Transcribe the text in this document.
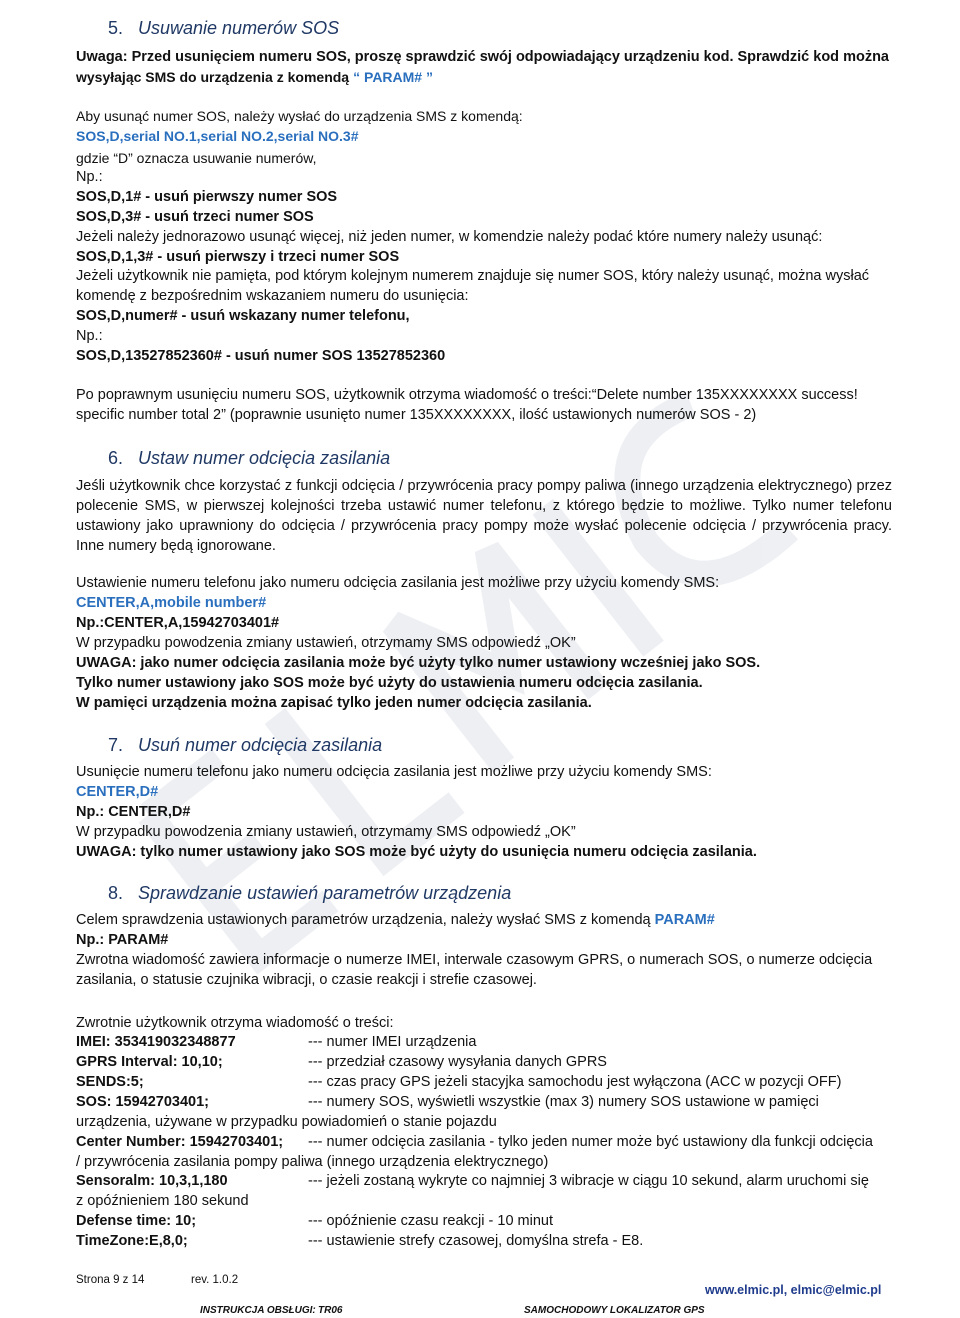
5. Usuwanie numerów SOS
Uwaga: Przed usunięciem numeru SOS, proszę sprawdzić swój odpowiadający urządzeniu kod. Sprawdzić kod można
wysyłając SMS do urządzenia z komendą “ PARAM# ”
Aby usunąć numer SOS, należy wysłać do urządzenia SMS z komendą:
SOS,D,serial NO.1,serial NO.2,serial NO.3#
gdzie “D” oznacza usuwanie numerów,
Np.:
SOS,D,1# - usuń pierwszy numer SOS
SOS,D,3# - usuń trzeci numer SOS
Jeżeli należy jednorazowo usunąć więcej, niż jeden numer, w komendzie należy podać które numery należy usunąć:
SOS,D,1,3# - usuń pierwszy i trzeci numer SOS
Jeżeli użytkownik nie pamięta, pod którym kolejnym numerem znajduje się numer SOS, który należy usunąć, można wysłać
komendę z bezpośrednim wskazaniem numeru do usunięcia:
SOS,D,numer# - usuń wskazany numer telefonu,
Np.:
SOS,D,13527852360# - usuń numer SOS 13527852360
Po poprawnym usunięciu numeru SOS, użytkownik otrzyma wiadomość o treści:“Delete number 135XXXXXXXX success!
specific number total 2” (poprawnie usunięto numer 135XXXXXXXX, ilość ustawionych numerów SOS - 2)
6. Ustaw numer odcięcia zasilania
Jeśli użytkownik chce korzystać z funkcji odcięcia / przywrócenia pracy pompy paliwa (innego urządzenia elektrycznego) przez polecenie SMS, w pierwszej kolejności trzeba ustawić numer telefonu, z którego będzie to możliwe. Tylko numer telefonu ustawiony jako uprawniony do odcięcia / przywrócenia pracy pompy może wysłać polecenie odcięcia / przywrócenia pracy. Inne numery będą ignorowane.
Ustawienie numeru telefonu jako numeru odcięcia zasilania jest możliwe przy użyciu komendy SMS:
CENTER,A,mobile number#
Np.:CENTER,A,15942703401#
W przypadku powodzenia zmiany ustawień, otrzymamy SMS odpowiedź „OK”
UWAGA: jako numer odcięcia zasilania może być użyty tylko numer ustawiony wcześniej jako SOS.
Tylko numer ustawiony jako SOS może być użyty do ustawienia numeru odcięcia zasilania.
W pamięci urządzenia można zapisać tylko jeden numer odcięcia zasilania.
7. Usuń numer odcięcia zasilania
Usunięcie numeru telefonu jako numeru odcięcia zasilania jest możliwe przy użyciu komendy SMS:
CENTER,D#
Np.: CENTER,D#
W przypadku powodzenia zmiany ustawień, otrzymamy SMS odpowiedź „OK”
UWAGA: tylko numer ustawiony jako SOS może być użyty do usunięcia numeru odcięcia zasilania.
8. Sprawdzanie ustawień parametrów urządzenia
Celem sprawdzenia ustawionych parametrów urządzenia, należy wysłać SMS z komendą PARAM#
Np.: PARAM#
Zwrotna wiadomość zawiera informacje o numerze IMEI, interwale czasowym GPRS, o numerach SOS, o numerze odcięcia
zasilania, o statusie czujnika wibracji, o czasie reakcji i strefie czasowej.
Zwrotnie użytkownik otrzyma wiadomość o treści:
IMEI: 353419032348877	--- numer IMEI urządzenia
GPRS Interval: 10,10;	--- przedział czasowy wysyłania danych GPRS
SENDS:5;	--- czas pracy GPS jeżeli stacyjka samochodu jest wyłączona (ACC w pozycji OFF)
SOS: 15942703401;	--- numery SOS, wyświetli wszystkie (max 3) numery SOS ustawione w pamięci
urządzenia, używane w przypadku powiadomień o stanie pojazdu
Center Number: 15942703401; --- numer odcięcia zasilania - tylko jeden numer może być ustawiony dla funkcji odcięcia
/ przywrócenia zasilania pompy paliwa (innego urządzenia elektrycznego)
Sensoralm: 10,3,1,180	--- jeżeli zostaną wykryte co najmniej 3 wibracje w ciągu 10 sekund, alarm uruchomi się
z opóźnieniem 180 sekund
Defense time: 10;	--- opóźnienie czasu reakcji - 10 minut
TimeZone:E,8,0;	--- ustawienie strefy czasowej, domyślna strefa - E8.
Strona 9 z 14	rev. 1.0.2
www.elmic.pl, elmic@elmic.pl
INSTRUKCJA OBSŁUGI: TR06	SAMOCHODOWY LOKALIZATOR GPS
